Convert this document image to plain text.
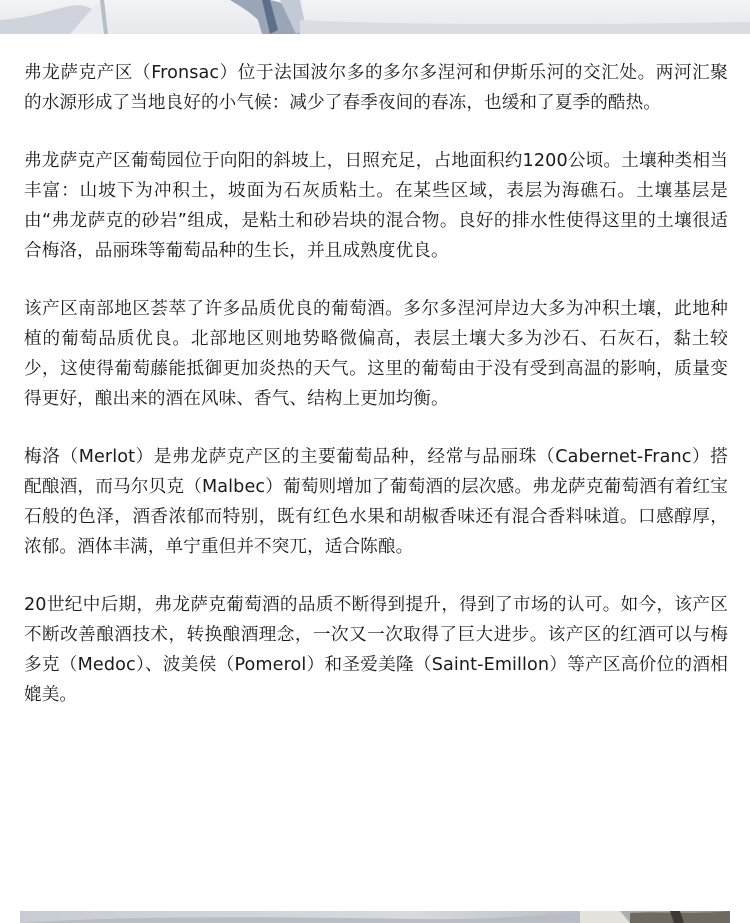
弗龙萨克产区（Fronsac）位于法国波尔多的多尔多涅河和伊斯乐河的交汇处。两河汇聚的水源形成了当地良好的小气候：减少了春季夜间的春冻，也缓和了夏季的酷热。

弗龙萨克产区葡萄园位于向阳的斜坡上，日照充足，占地面积约1200公顷。土壤种类相当丰富：山坡下为冲积土，坡面为石灰质粘土。在某些区域，表层为海礁石。土壤基层是由“弗龙萨克的砂岩”组成，是粘土和砂岩块的混合物。良好的排水性使得这里的土壤很适合梅洛，品丽珠等葡萄品种的生长，并且成熟度优良。

该产区南部地区荟萃了许多品质优良的葡萄酒。多尔多涅河岸边大多为冲积土壤，此地种植的葡萄品质优良。北部地区则地势略微偏高，表层土壤大多为沙石、石灰石，黏土较少，这使得葡萄藤能抵御更加炎热的天气。这里的葡萄由于没有受到高温的影响，质量变得更好，酿出来的酒在风味、香气、结构上更加均衡。

梅洛（Merlot）是弗龙萨克产区的主要葡萄品种，经常与品丽珠（Cabernet-Franc）搭配酿酒，而马尔贝克（Malbec）葡萄则增加了葡萄酒的层次感。弗龙萨克葡萄酒有着红宝石般的色泽，酒香浓郁而特别，既有红色水果和胡椒香味还有混合香料味道。口感醇厚，浓郁。酒体丰满，单宁重但并不突兀，适合陈酿。

20世纪中后期，弗龙萨克葡萄酒的品质不断得到提升，得到了市场的认可。如今，该产区不断改善酿酒技术，转换酿酒理念，一次又一次取得了巨大进步。该产区的红酒可以与梅多克（Medoc）、波美侯（Pomerol）和圣爱美隆（Saint-Emillon）等产区高价位的酒相媲美。
